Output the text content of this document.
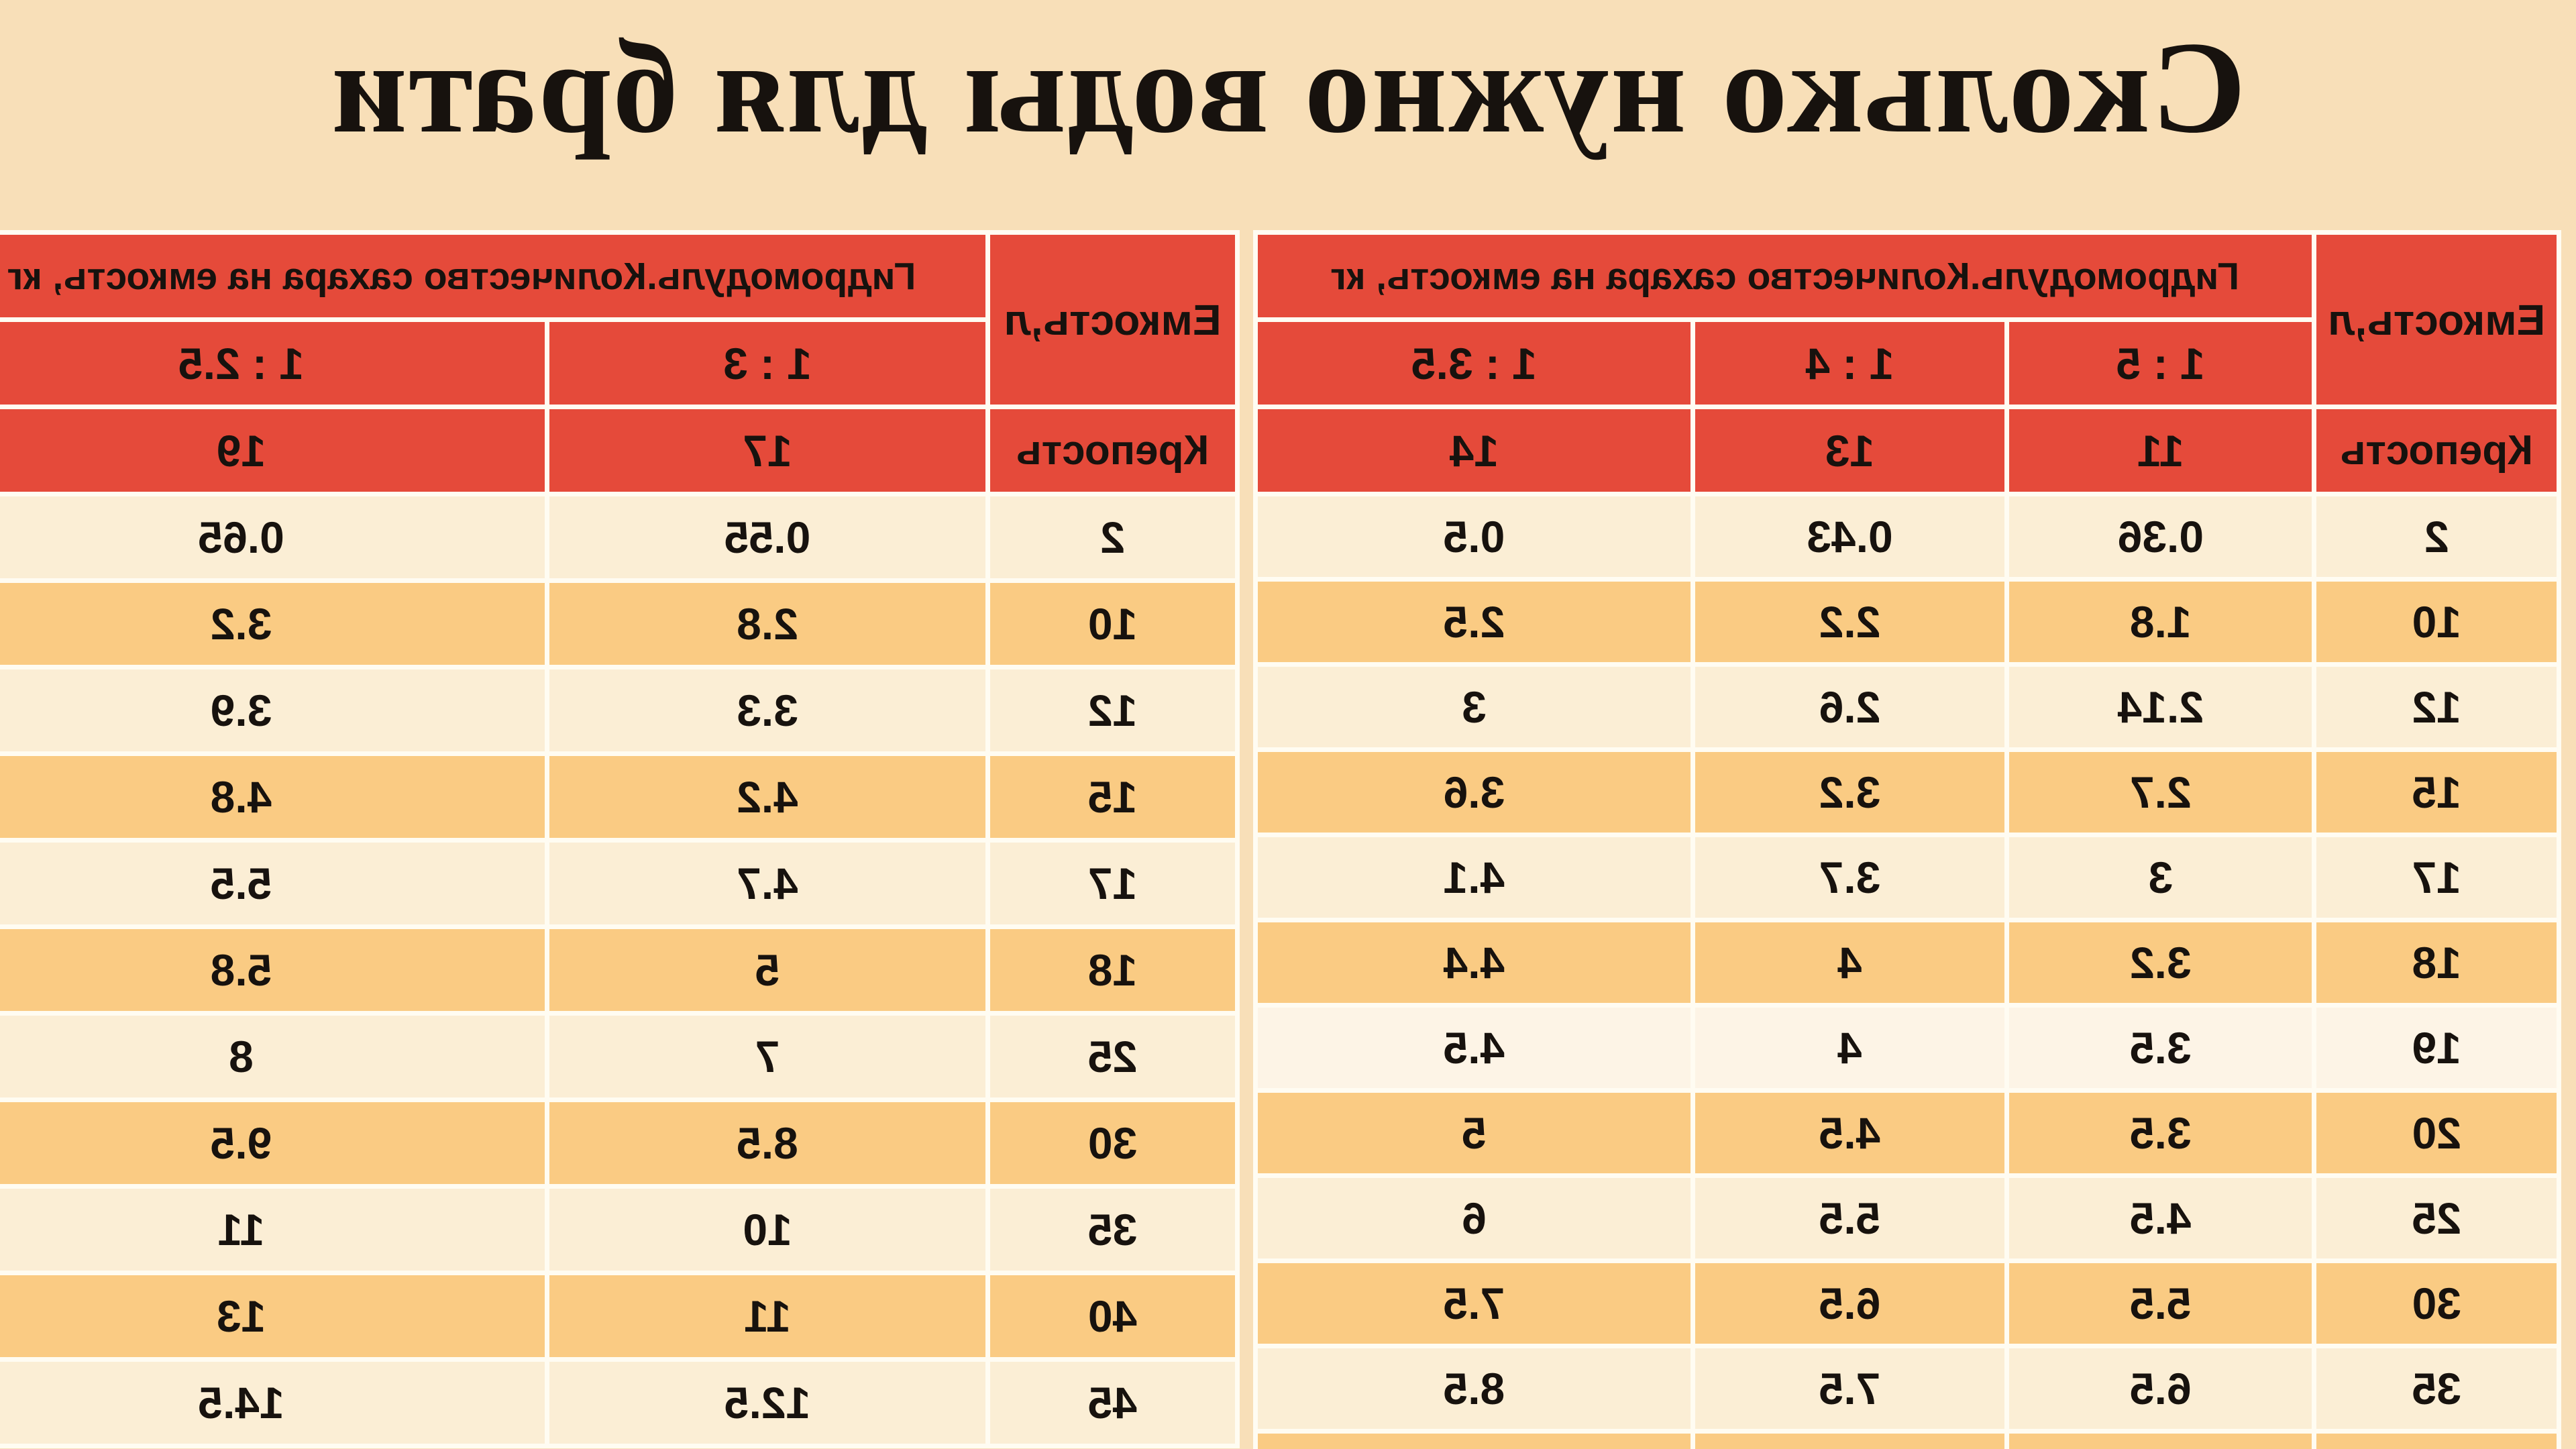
Сколько нужно воды для брати
Емкость,л	Гидромодуль.Количество сахара на емкость, кг		
	1 : 5	1 : 4	1 : 3.5
Крепость	11	13	14
2	0.36	0.43	0.5
10	1.8	2.2	2.5
12	2.14	2.6	3
15	2.7	3.2	3.6
17	3	3.7	4.1
18	3.2	4	4.4
19	3.5	4	4.5
20	3.5	4.5	5
25	4.5	5.5	6
30	5.5	6.5	7.5
35	6.5	7.5	8.5

Емкость,л	Гидромодуль.Количество сахара на емкость, кг	
	1 : 3	1 : 2.5
Крепость	17	19
2	0.55	0.65
10	2.8	3.2
12	3.3	3.9
15	4.2	4.8
17	4.7	5.5
18	5	5.8
25	7	8
30	8.5	9.5
35	10	11
40	11	13
45	12.5	14.5
